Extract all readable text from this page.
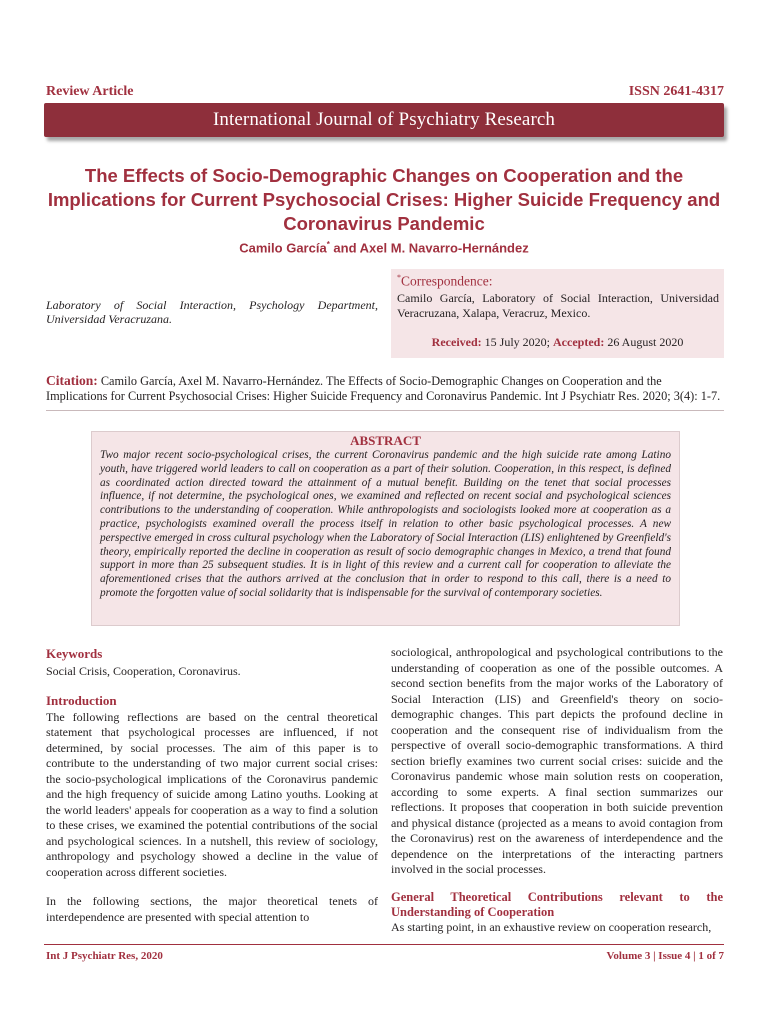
Review Article	ISSN 2641-4317
International Journal of Psychiatry Research
The Effects of Socio-Demographic Changes on Cooperation and the Implications for Current Psychosocial Crises: Higher Suicide Frequency and Coronavirus Pandemic
Camilo García* and Axel M. Navarro-Hernández
Laboratory of Social Interaction, Psychology Department, Universidad Veracruzana.
*Correspondence:
Camilo García, Laboratory of Social Interaction, Universidad Veracruzana, Xalapa, Veracruz, Mexico.
Received: 15 July 2020; Accepted: 26 August 2020
Citation: Camilo García, Axel M. Navarro-Hernández. The Effects of Socio-Demographic Changes on Cooperation and the Implications for Current Psychosocial Crises: Higher Suicide Frequency and Coronavirus Pandemic. Int J Psychiatr Res. 2020; 3(4): 1-7.
ABSTRACT
Two major recent socio-psychological crises, the current Coronavirus pandemic and the high suicide rate among Latino youth, have triggered world leaders to call on cooperation as a part of their solution. Cooperation, in this respect, is defined as coordinated action directed toward the attainment of a mutual benefit. Building on the tenet that social processes influence, if not determine, the psychological ones, we examined and reflected on recent social and psychological sciences contributions to the understanding of cooperation. While anthropologists and sociologists looked more at cooperation as a practice, psychologists examined overall the process itself in relation to other basic psychological processes. A new perspective emerged in cross cultural psychology when the Laboratory of Social Interaction (LIS) enlightened by Greenfield's theory, empirically reported the decline in cooperation as result of socio demographic changes in Mexico, a trend that found support in more than 25 subsequent studies. It is in light of this review and a current call for cooperation to alleviate the aforementioned crises that the authors arrived at the conclusion that in order to respond to this call, there is a need to promote the forgotten value of social solidarity that is indispensable for the survival of contemporary societies.
Keywords

Social Crisis, Cooperation, Coronavirus.

Introduction

The following reflections are based on the central theoretical statement that psychological processes are influenced, if not determined, by social processes. The aim of this paper is to contribute to the understanding of two major current social crises: the socio-psychological implications of the Coronavirus pandemic and the high frequency of suicide among Latino youths. Looking at the world leaders' appeals for cooperation as a way to find a solution to these crises, we examined the potential contributions of the social and psychological sciences. In a nutshell, this review of sociology, anthropology and psychology showed a decline in the value of cooperation across different societies.

In the following sections, the major theoretical tenets of interdependence are presented with special attention to

sociological, anthropological and psychological contributions to the understanding of cooperation as one of the possible outcomes. A second section benefits from the major works of the Laboratory of Social Interaction (LIS) and Greenfield's theory on socio-demographic changes. This part depicts the profound decline in cooperation and the consequent rise of individualism from the perspective of overall socio-demographic transformations. A third section briefly examines two current social crises: suicide and the Coronavirus pandemic whose main solution rests on cooperation, according to some experts. A final section summarizes our reflections. It proposes that cooperation in both suicide prevention and physical distance (projected as a means to avoid contagion from the Coronavirus) rest on the awareness of interdependence and the dependence on the interpretations of the interacting partners involved in the social processes.

General Theoretical Contributions relevant to the Understanding of Cooperation

As starting point, in an exhaustive review on cooperation research,

Int J Psychiatr Res, 2020	Volume 3 | Issue 4 | 1 of 7
